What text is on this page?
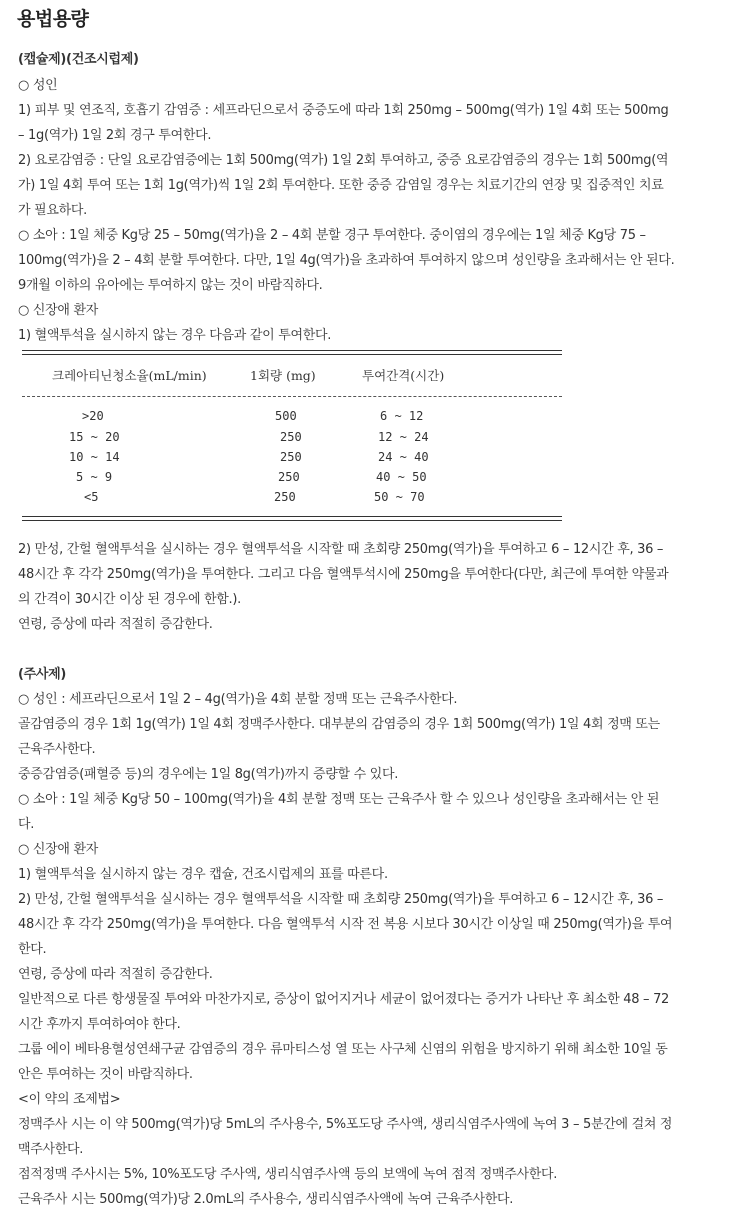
용법용량
(캡슐제)(건조시럽제)
○ 성인
1) 피부 및 연조직, 호흡기 감염증 : 세프라딘으로서 중증도에 따라 1회 250mg – 500mg(역가) 1일 4회 또는 500mg
– 1g(역가) 1일 2회 경구 투여한다.
2) 요로감염증 : 단일 요로감염증에는 1회 500mg(역가) 1일 2회 투여하고, 중증 요로감염증의 경우는 1회 500mg(역
가) 1일 4회 투여 또는 1회 1g(역가)씩 1일 2회 투여한다. 또한 중증 감염일 경우는 치료기간의 연장 및 집중적인 치료
가 필요하다.
○ 소아 : 1일 체중 Kg당 25 – 50mg(역가)을 2 – 4회 분할 경구 투여한다. 중이염의 경우에는 1일 체중 Kg당 75 –
100mg(역가)을 2 – 4회 분할 투여한다. 다만, 1일 4g(역가)을 초과하여 투여하지 않으며 성인량을 초과해서는 안 된다.
9개월 이하의 유아에는 투여하지 않는 것이 바람직하다.
○ 신장애 환자
1) 혈액투석을 실시하지 않는 경우 다음과 같이 투여한다.
크레아티닌청소율(mL/min)	1회량 (mg)	투여간격(시간)
>20	500	6 ~ 12
15 ~ 20	250	12 ~ 24
10 ~ 14	250	24 ~ 40
5 ~ 9	250	40 ~ 50
<5	250	50 ~ 70
2) 만성, 간헐 혈액투석을 실시하는 경우 혈액투석을 시작할 때 초회량 250mg(역가)을 투여하고 6 – 12시간 후, 36 –
48시간 후 각각 250mg(역가)을 투여한다. 그리고 다음 혈액투석시에 250mg을 투여한다(다만, 최근에 투여한 약물과
의 간격이 30시간 이상 된 경우에 한함.).
연령, 증상에 따라 적절히 증감한다.
(주사제)
○ 성인 : 세프라딘으로서 1일 2 – 4g(역가)을 4회 분할 정맥 또는 근육주사한다.
골감염증의 경우 1회 1g(역가) 1일 4회 정맥주사한다. 대부분의 감염증의 경우 1회 500mg(역가) 1일 4회 정맥 또는
근육주사한다.
중증감염증(패혈증 등)의 경우에는 1일 8g(역가)까지 증량할 수 있다.
○ 소아 : 1일 체중 Kg당 50 – 100mg(역가)을 4회 분할 정맥 또는 근육주사 할 수 있으나 성인량을 초과해서는 안 된
다.
○ 신장애 환자
1) 혈액투석을 실시하지 않는 경우 캡슐, 건조시럽제의 표를 따른다.
2) 만성, 간헐 혈액투석을 실시하는 경우 혈액투석을 시작할 때 초회량 250mg(역가)을 투여하고 6 – 12시간 후, 36 –
48시간 후 각각 250mg(역가)을 투여한다. 다음 혈액투석 시작 전 복용 시보다 30시간 이상일 때 250mg(역가)을 투여
한다.
연령, 증상에 따라 적절히 증감한다.
일반적으로 다른 항생물질 투여와 마찬가지로, 증상이 없어지거나 세균이 없어졌다는 증거가 나타난 후 최소한 48 – 72
시간 후까지 투여하여야 한다.
그룹 에이 베타용혈성연쇄구균 감염증의 경우 류마티스성 열 또는 사구체 신염의 위험을 방지하기 위해 최소한 10일 동
안은 투여하는 것이 바람직하다.
<이 약의 조제법>
정맥주사 시는 이 약 500mg(역가)당 5mL의 주사용수, 5%포도당 주사액, 생리식염주사액에 녹여 3 – 5분간에 걸쳐 정
맥주사한다.
점적정맥 주사시는 5%, 10%포도당 주사액, 생리식염주사액 등의 보액에 녹여 점적 정맥주사한다.
근육주사 시는 500mg(역가)당 2.0mL의 주사용수, 생리식염주사액에 녹여 근육주사한다.
